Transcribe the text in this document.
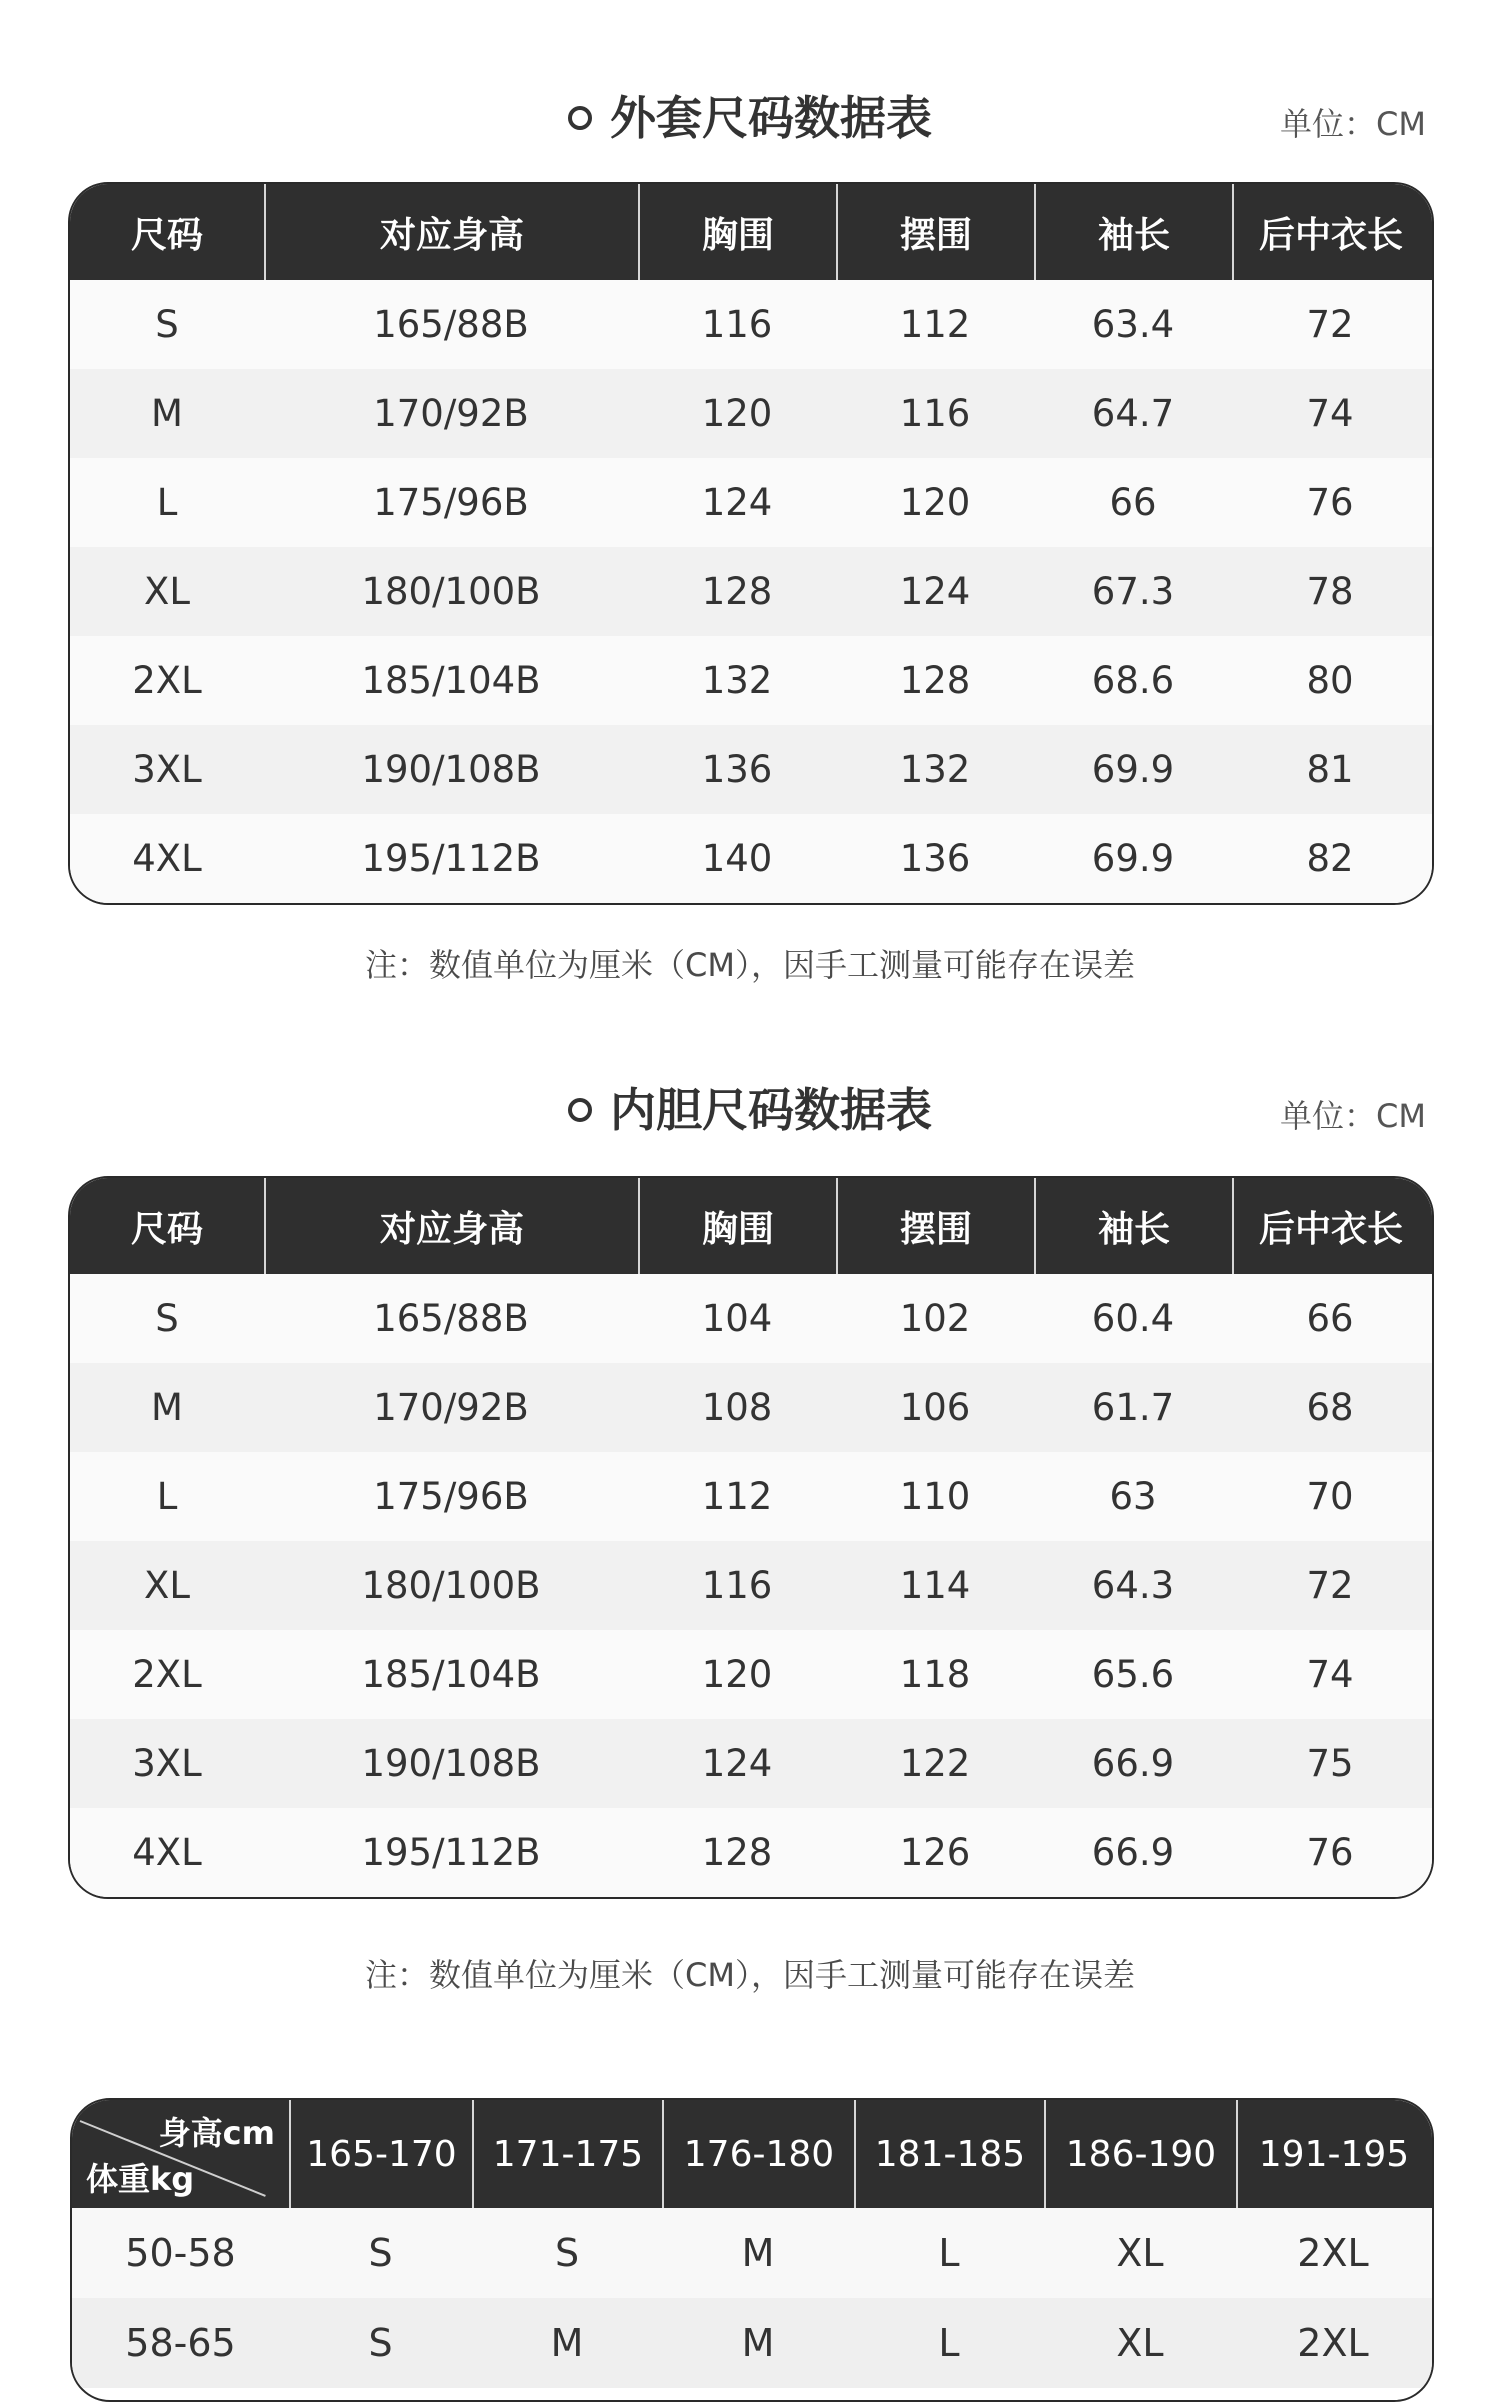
外套尺码数据表	单位：CM
尺码	对应身高	胸围	摆围	袖长	后中衣长
S	165/88B	116	112	63.4	72
M	170/92B	120	116	64.7	74
L	175/96B	124	120	66	76
XL	180/100B	128	124	67.3	78
2XL	185/104B	132	128	68.6	80
3XL	190/108B	136	132	69.9	81
4XL	195/112B	140	136	69.9	82
注：数值单位为厘米（CM），因手工测量可能存在误差
内胆尺码数据表	单位：CM
尺码	对应身高	胸围	摆围	袖长	后中衣长
S	165/88B	104	102	60.4	66
M	170/92B	108	106	61.7	68
L	175/96B	112	110	63	70
XL	180/100B	116	114	64.3	72
2XL	185/104B	120	118	65.6	74
3XL	190/108B	124	122	66.9	75
4XL	195/112B	128	126	66.9	76
注：数值单位为厘米（CM），因手工测量可能存在误差
身高cm
体重kg
165-170	171-175	176-180	181-185	186-190	191-195
50-58	S	S	M	L	XL	2XL
58-65	S	M	M	L	XL	2XL
